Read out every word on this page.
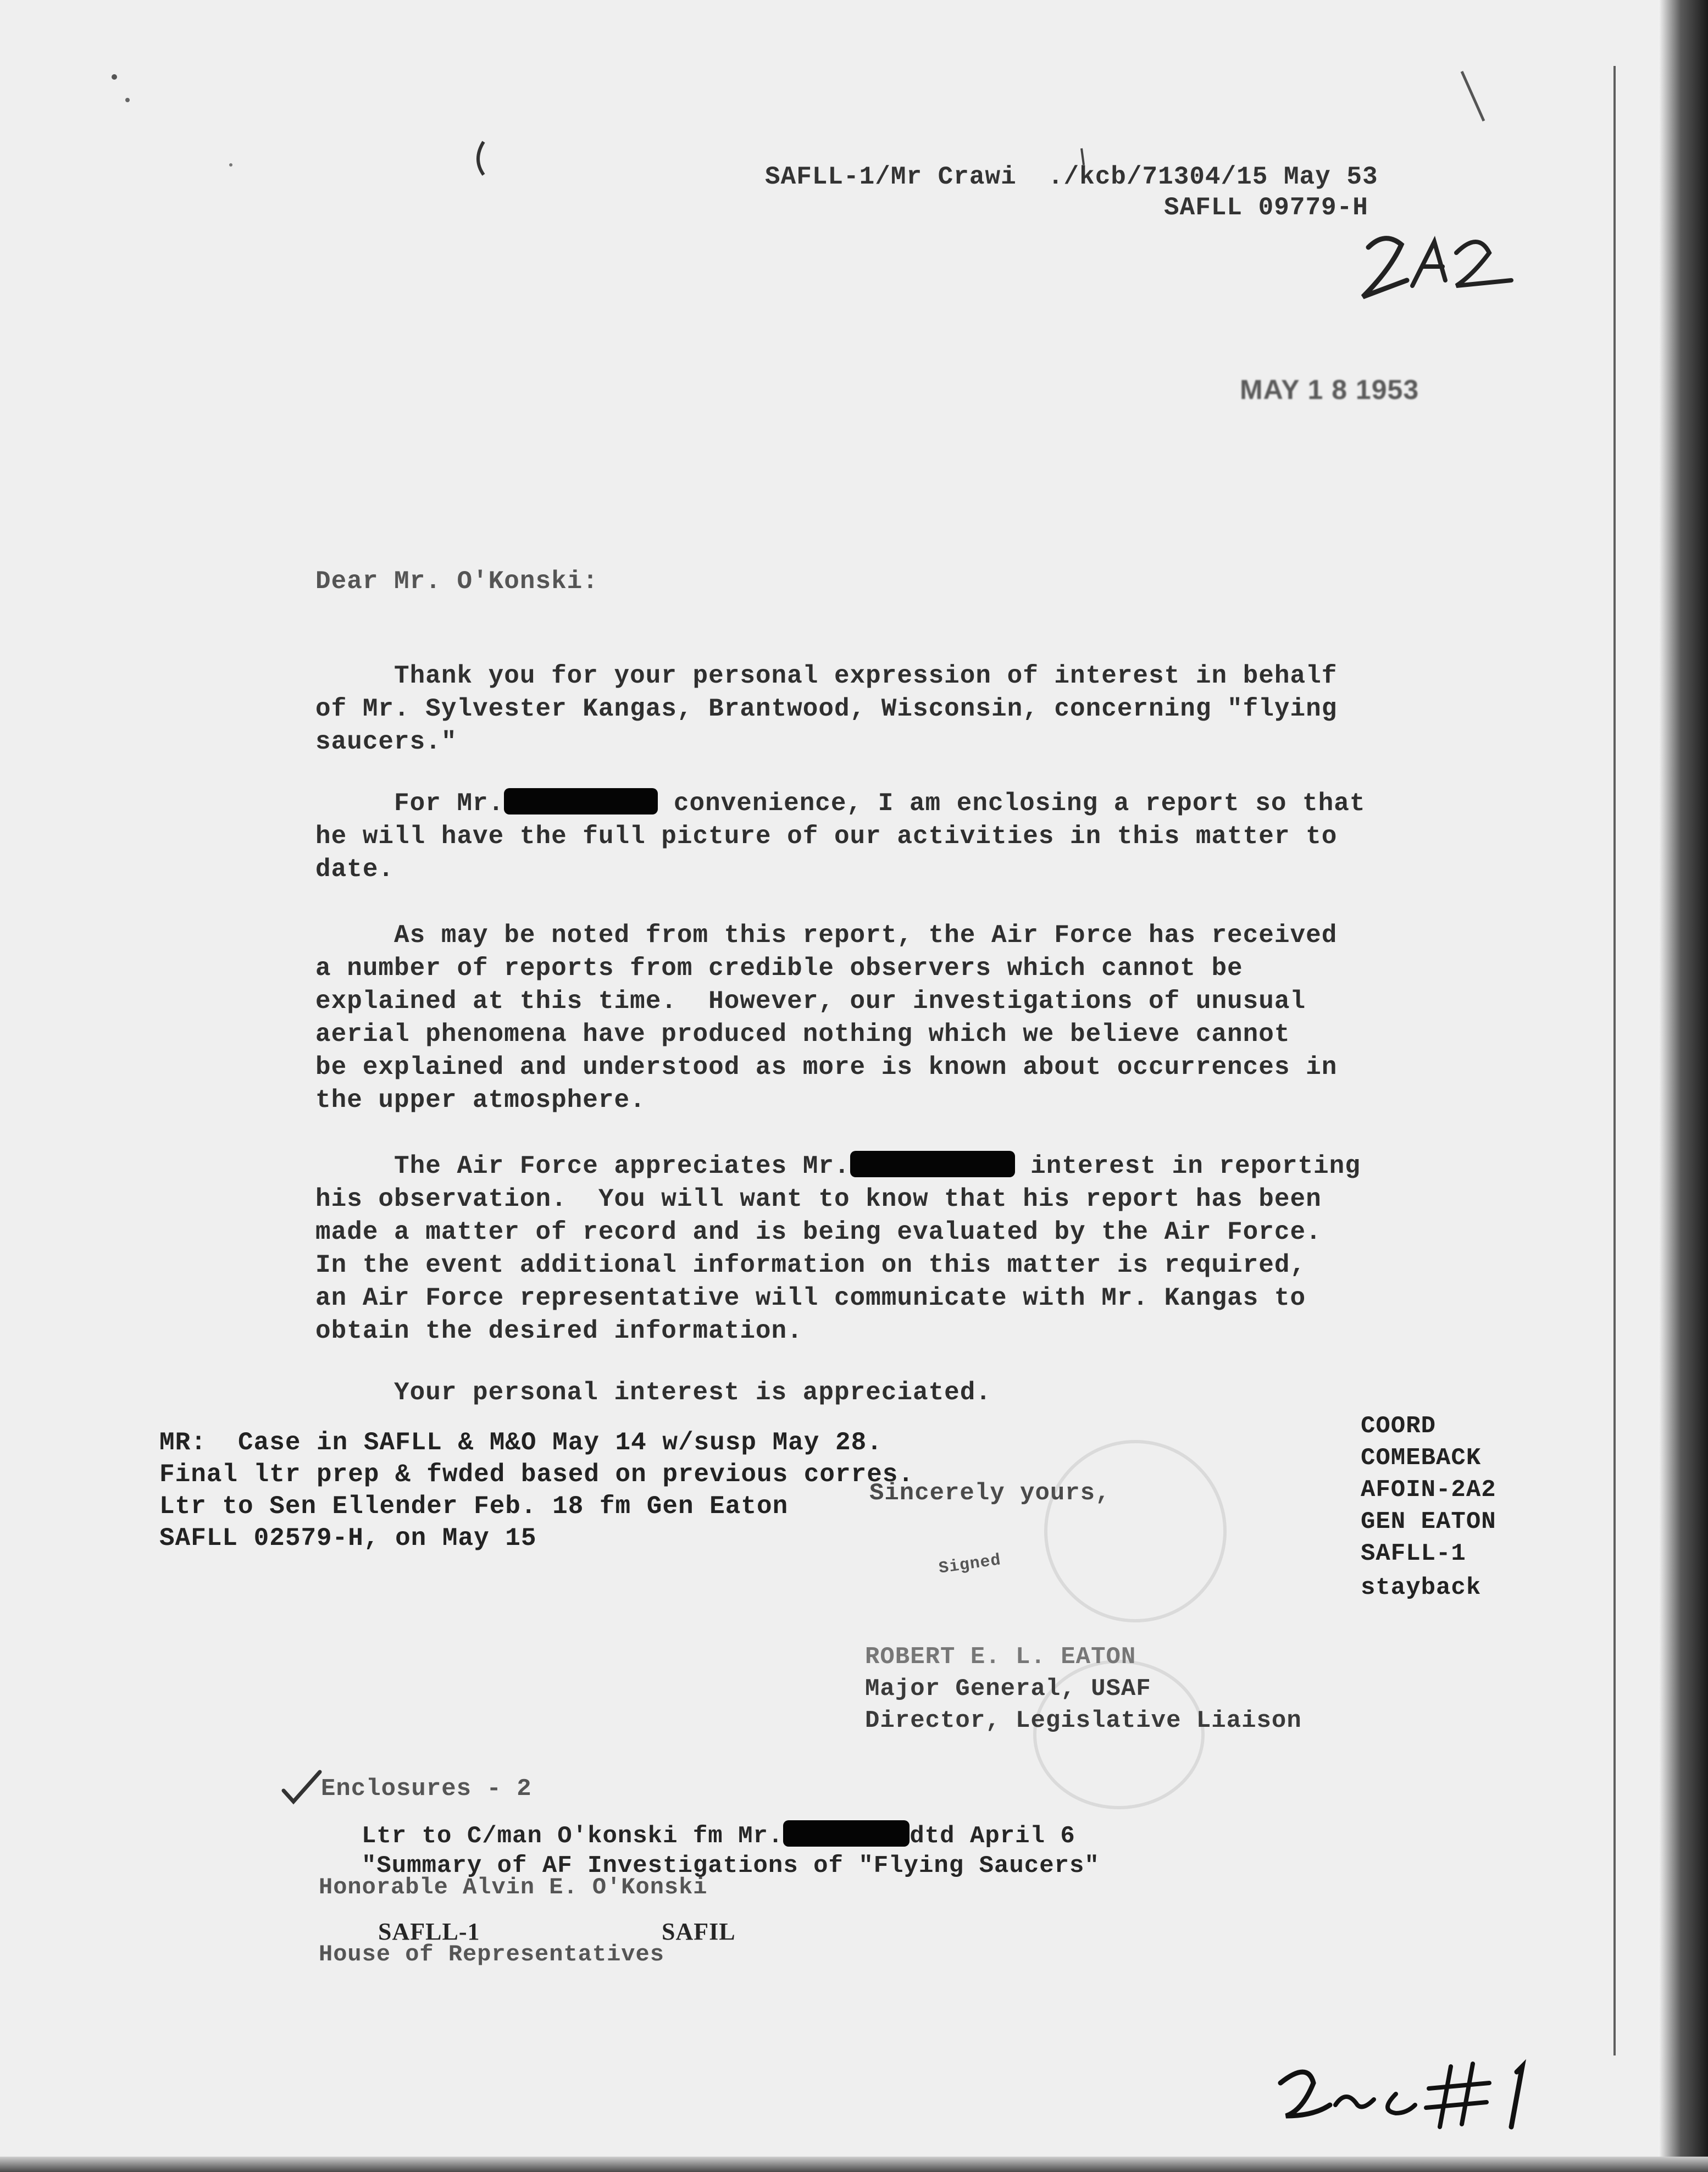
SAFLL-1/Mr Crawi  ./kcb/71304/15 May 53
SAFLL 09779-H
MAY 1 8 1953
Dear Mr. O'Konski:
Thank you for your personal expression of interest in behalf
of Mr. Sylvester Kangas, Brantwood, Wisconsin, concerning "flying
saucers."
For Mr.	convenience, I am enclosing a report so that
he will have the full picture of our activities in this matter to
date.
As may be noted from this report, the Air Force has received
a number of reports from credible observers which cannot be
explained at this time.  However, our investigations of unusual
aerial phenomena have produced nothing which we believe cannot
be explained and understood as more is known about occurrences in
the upper atmosphere.
The Air Force appreciates Mr.	interest in reporting
his observation.  You will want to know that his report has been
made a matter of record and is being evaluated by the Air Force.
In the event additional information on this matter is required,
an Air Force representative will communicate with Mr. Kangas to
obtain the desired information.
Your personal interest is appreciated.
MR:  Case in SAFLL & M&O May 14 w/susp May 28.
Final ltr prep & fwded based on previous corres.
Ltr to Sen Ellender Feb. 18 fm Gen Eaton
SAFLL 02579-H, on May 15
Sincerely yours,
Signed
COORD
COMEBACK
AFOIN-2A2
GEN EATON
SAFLL-1
stayback
ROBERT E. L. EATON
Major General, USAF
Director, Legislative Liaison
Enclosures - 2
Ltr to C/man O'konski fm Mr.	dtd April 6
"Summary of AF Investigations of "Flying Saucers"
Honorable Alvin E. O'Konski
House of Representatives
SAFLL-1	SAFIL
